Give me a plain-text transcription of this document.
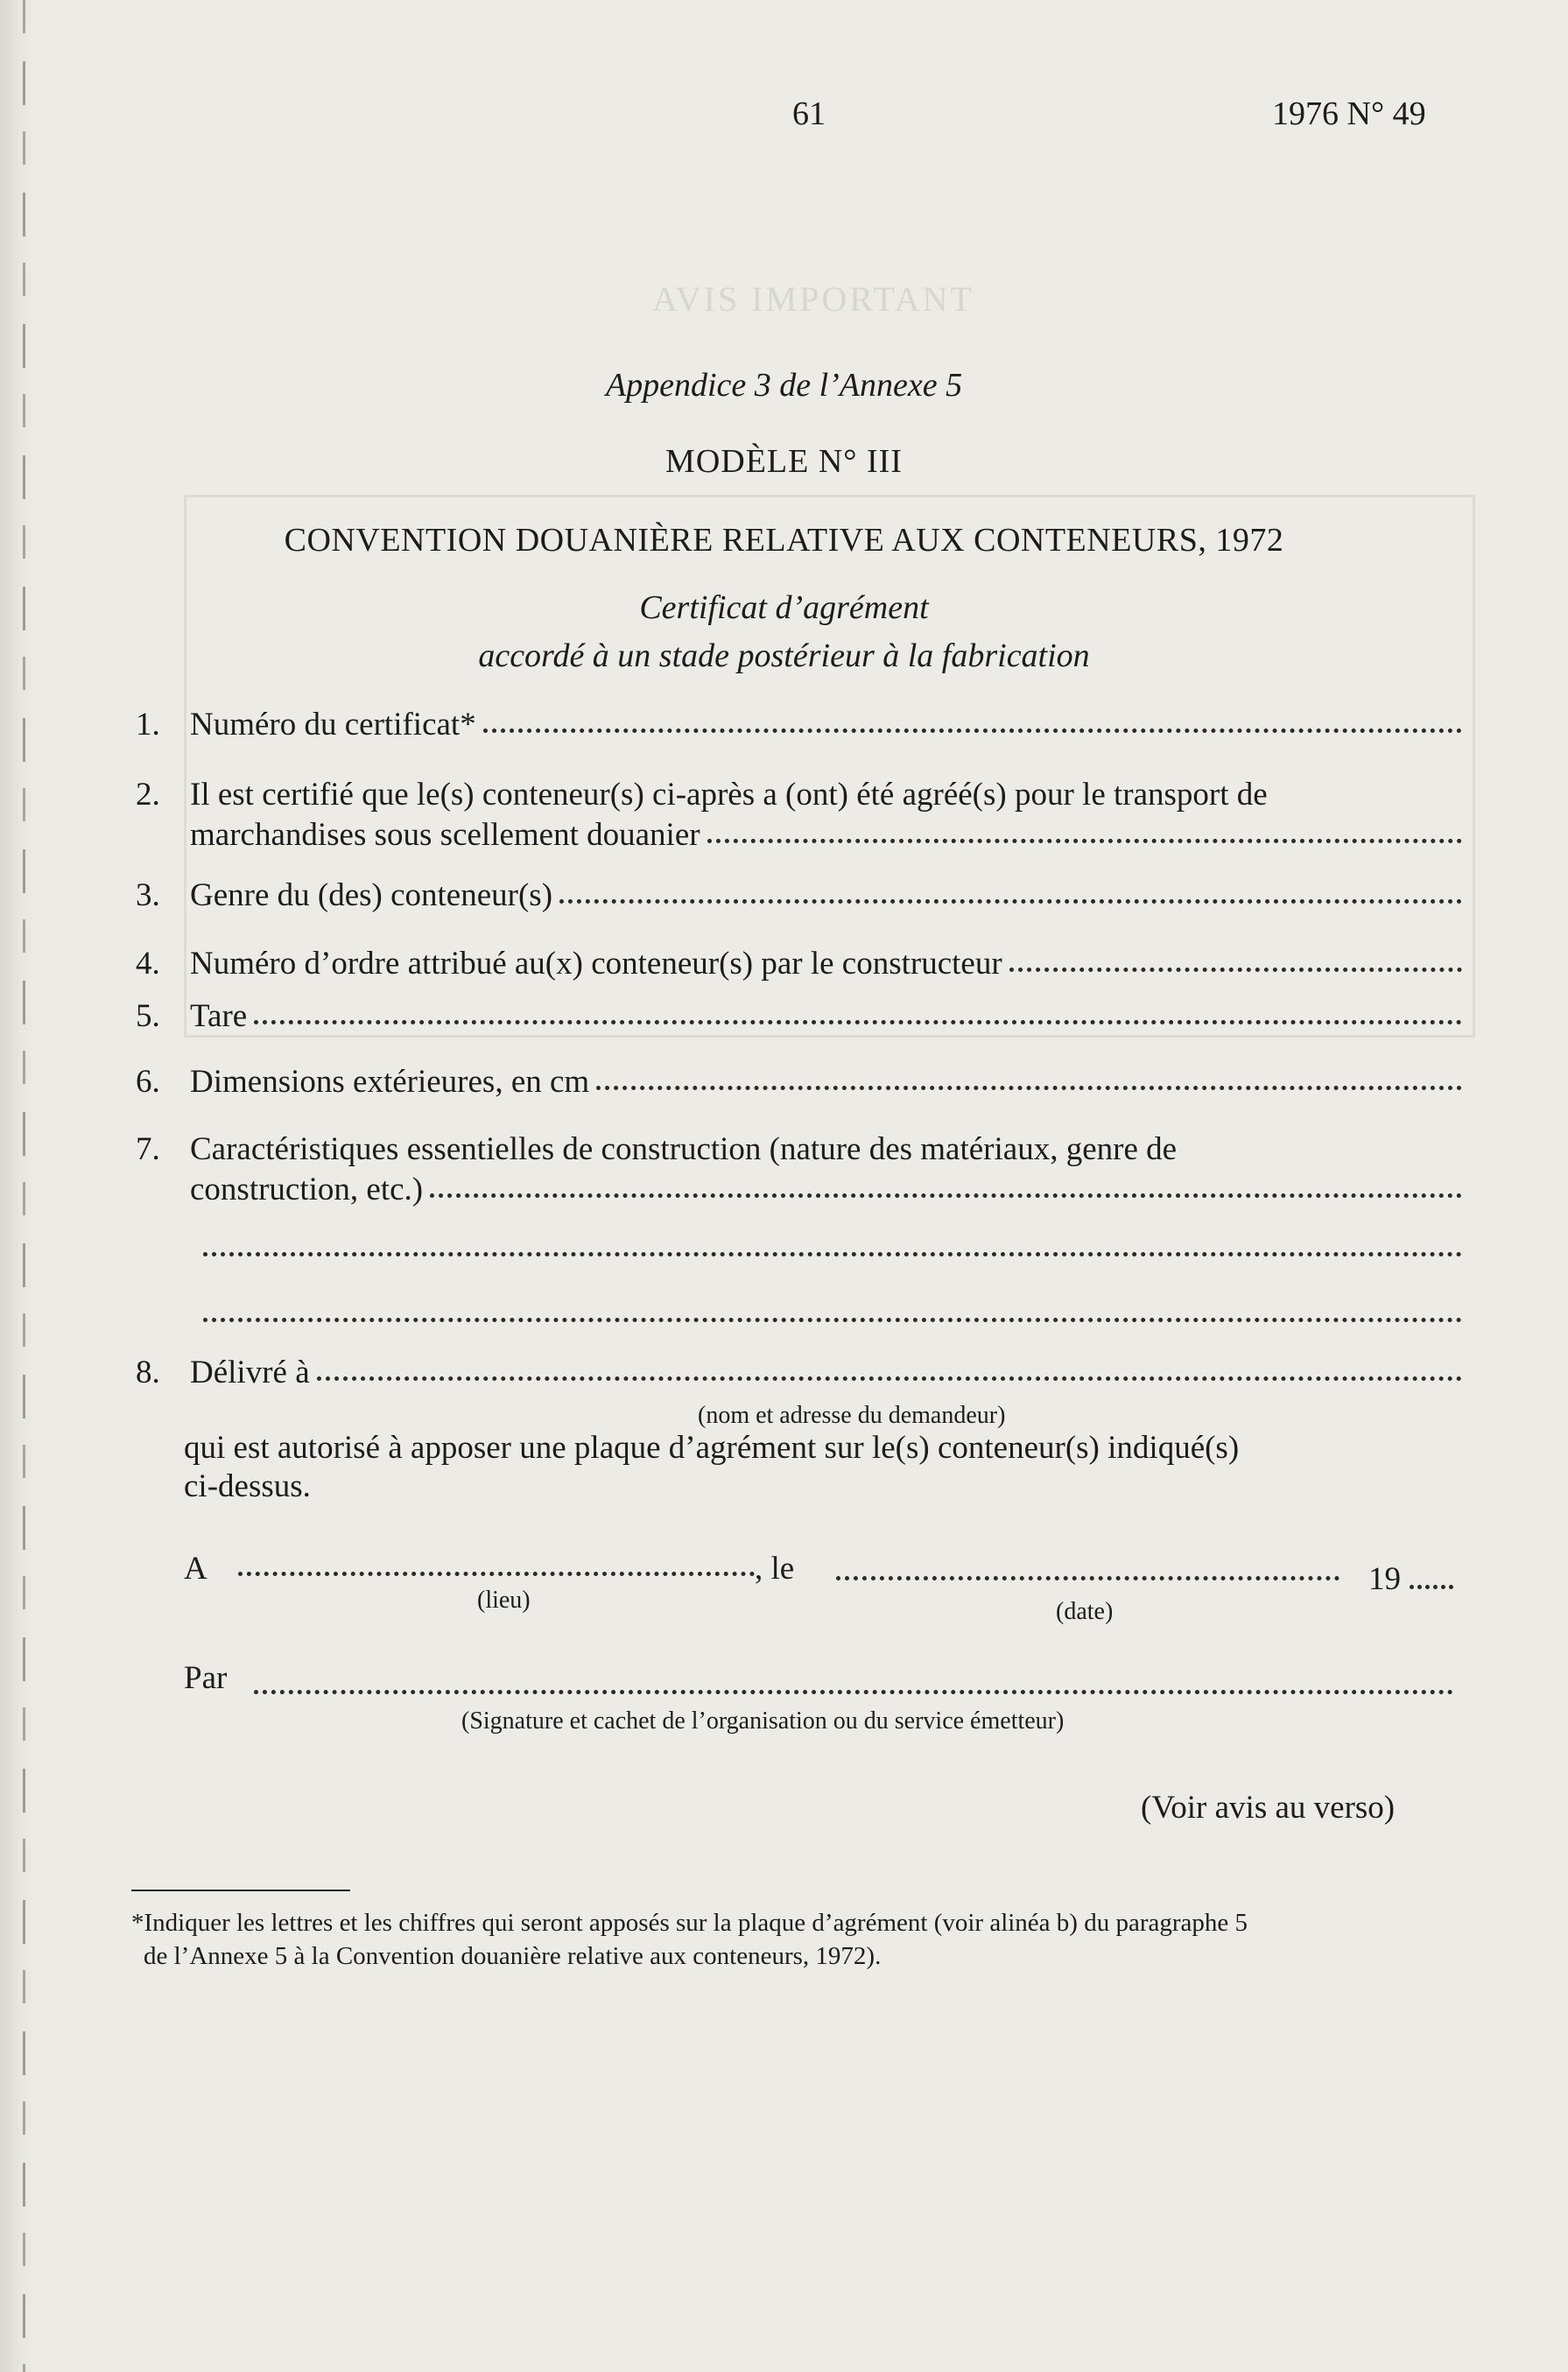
AVIS IMPORTANT
61	1976 N° 49
Appendice 3 de l’Annexe 5
MODÈLE N° III
CONVENTION DOUANIÈRE RELATIVE AUX CONTENEURS, 1972
Certificat d’agrément
accordé à un stade postérieur à la fabrication
1. Numéro du certificat*
2. Il est certifié que le(s) conteneur(s) ci-après a (ont) été agréé(s) pour le transport de
marchandises sous scellement douanier
3. Genre du (des) conteneur(s)
4. Numéro d’ordre attribué au(x) conteneur(s) par le constructeur
5. Tare
6. Dimensions extérieures, en cm
7. Caractéristiques essentielles de construction (nature des matériaux, genre de
construction, etc.)
8. Délivré à
(nom et adresse du demandeur)
qui est autorisé à apposer une plaque d’agrément sur le(s) conteneur(s) indiqué(s)
ci-dessus.
A	, le	19
(lieu)	(date)
Par
(Signature et cachet de l’organisation ou du service émetteur)
(Voir avis au verso)
*Indiquer les lettres et les chiffres qui seront apposés sur la plaque d’agrément (voir alinéa b) du paragraphe 5
de l’Annexe 5 à la Convention douanière relative aux conteneurs, 1972).
